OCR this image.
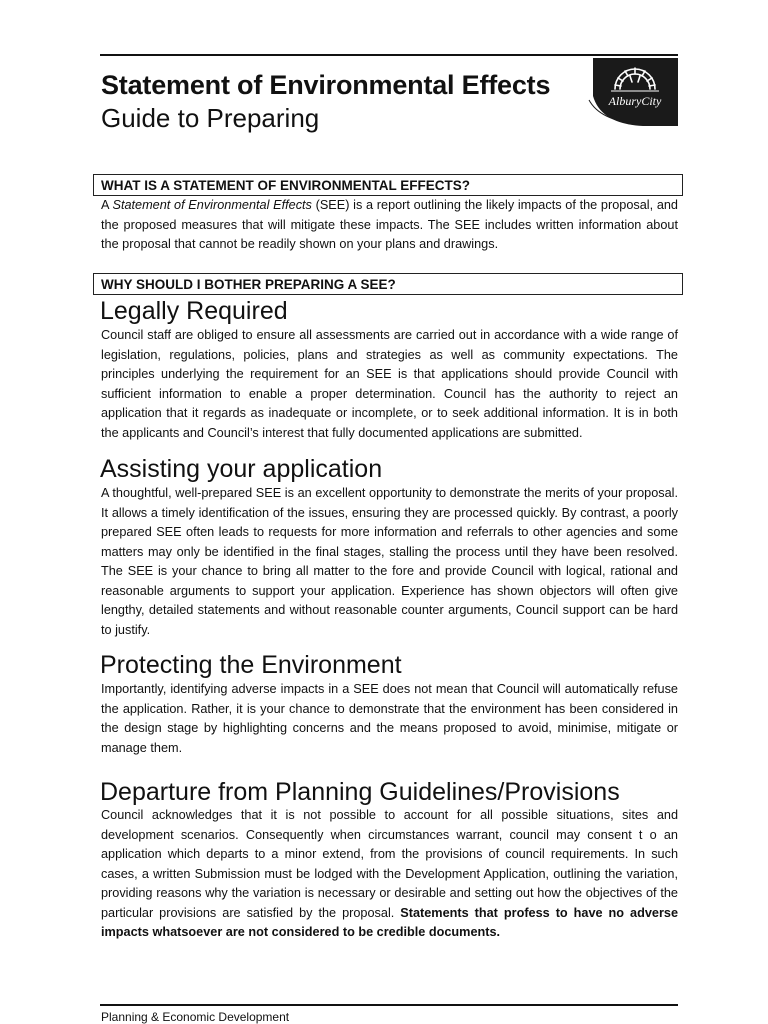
Statement of Environmental Effects
Guide to Preparing
AlburyCity
WHAT IS A STATEMENT OF ENVIRONMENTAL EFFECTS?

A Statement of Environmental Effects (SEE) is a report outlining the likely impacts of the proposal, and the proposed measures that will mitigate these impacts. The SEE includes written information about the proposal that cannot be readily shown on your plans and drawings.

WHY SHOULD I BOTHER PREPARING A SEE?
Legally Required

Council staff are obliged to ensure all assessments are carried out in accordance with a wide range of legislation, regulations, policies, plans and strategies as well as community expectations. The principles underlying the requirement for an SEE is that applications should provide Council with sufficient information to enable a proper determination. Council has the authority to reject an application that it regards as inadequate or incomplete, or to seek additional information. It is in both the applicants and Council’s interest that fully documented applications are submitted.

Assisting your application

A thoughtful, well-prepared SEE is an excellent opportunity to demonstrate the merits of your proposal. It allows a timely identification of the issues, ensuring they are processed quickly. By contrast, a poorly prepared SEE often leads to requests for more information and referrals to other agencies and some matters may only be identified in the final stages, stalling the process until they have been resolved. The SEE is your chance to bring all matter to the fore and provide Council with logical, rational and reasonable arguments to support your application. Experience has shown objectors will often give lengthy, detailed statements and without reasonable counter arguments, Council support can be hard to justify.

Protecting the Environment

Importantly, identifying adverse impacts in a SEE does not mean that Council will automatically refuse the application. Rather, it is your chance to demonstrate that the environment has been considered in the design stage by highlighting concerns and the means proposed to avoid, minimise, mitigate or manage them.

Departure from Planning Guidelines/Provisions

Council acknowledges that it is not possible to account for all possible situations, sites and development scenarios. Consequently when circumstances warrant, council may consent t o an application which departs to a minor extend, from the provisions of council requirements. In such cases, a written Submission must be lodged with the Development Application, outlining the variation, providing reasons why the variation is necessary or desirable and setting out how the objectives of the particular provisions are satisfied by the proposal. Statements that profess to have no adverse impacts whatsoever are not considered to be credible documents.

Planning & Economic Development
